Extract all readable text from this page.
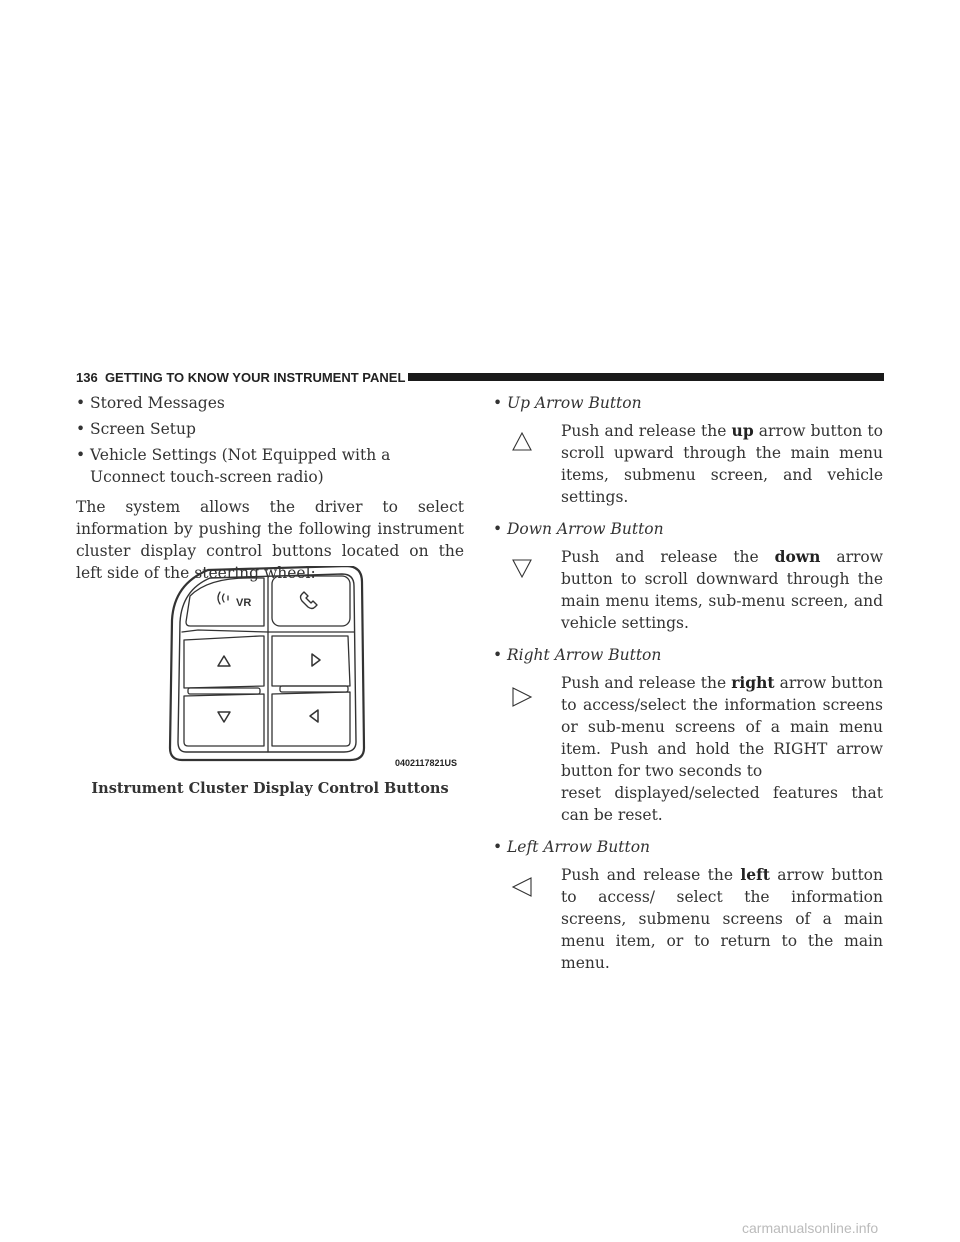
136 GETTING TO KNOW YOUR INSTRUMENT PANEL
• Stored Messages
• Screen Setup
• Vehicle Settings (Not Equipped with a Uconnect touch-screen radio)
The system allows the driver to select information by pushing the following instrument cluster display control buttons located on the left side of the steering wheel:
VR
0402117821US
Instrument Cluster Display Control Buttons
• Up Arrow Button
Push and release the up arrow button to scroll upward through the main menu items, submenu screen, and vehicle settings.
• Down Arrow Button
Push and release the down arrow button to scroll downward through the main menu items, sub-menu screen, and vehicle settings.
• Right Arrow Button
Push and release the right arrow button to access/select the information screens or sub-menu screens of a main menu item. Push and hold the RIGHT arrow button for two seconds to
reset displayed/selected features that can be reset.
• Left Arrow Button
Push and release the left arrow button to access/ select the information screens, submenu screens of a main menu item, or to return to the main menu.
carmanualsonline.info
